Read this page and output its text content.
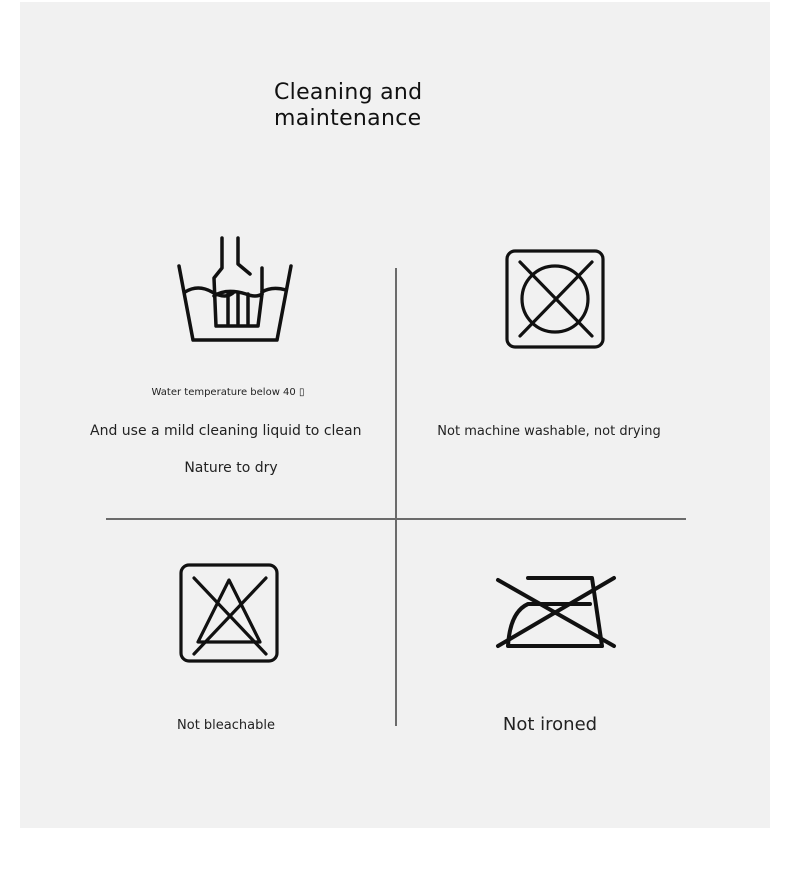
Cleaning and
maintenance
Water temperature below 40 ▯
And use a mild cleaning liquid to clean
Nature to dry
Not machine washable, not drying
Not bleachable	Not ironed
